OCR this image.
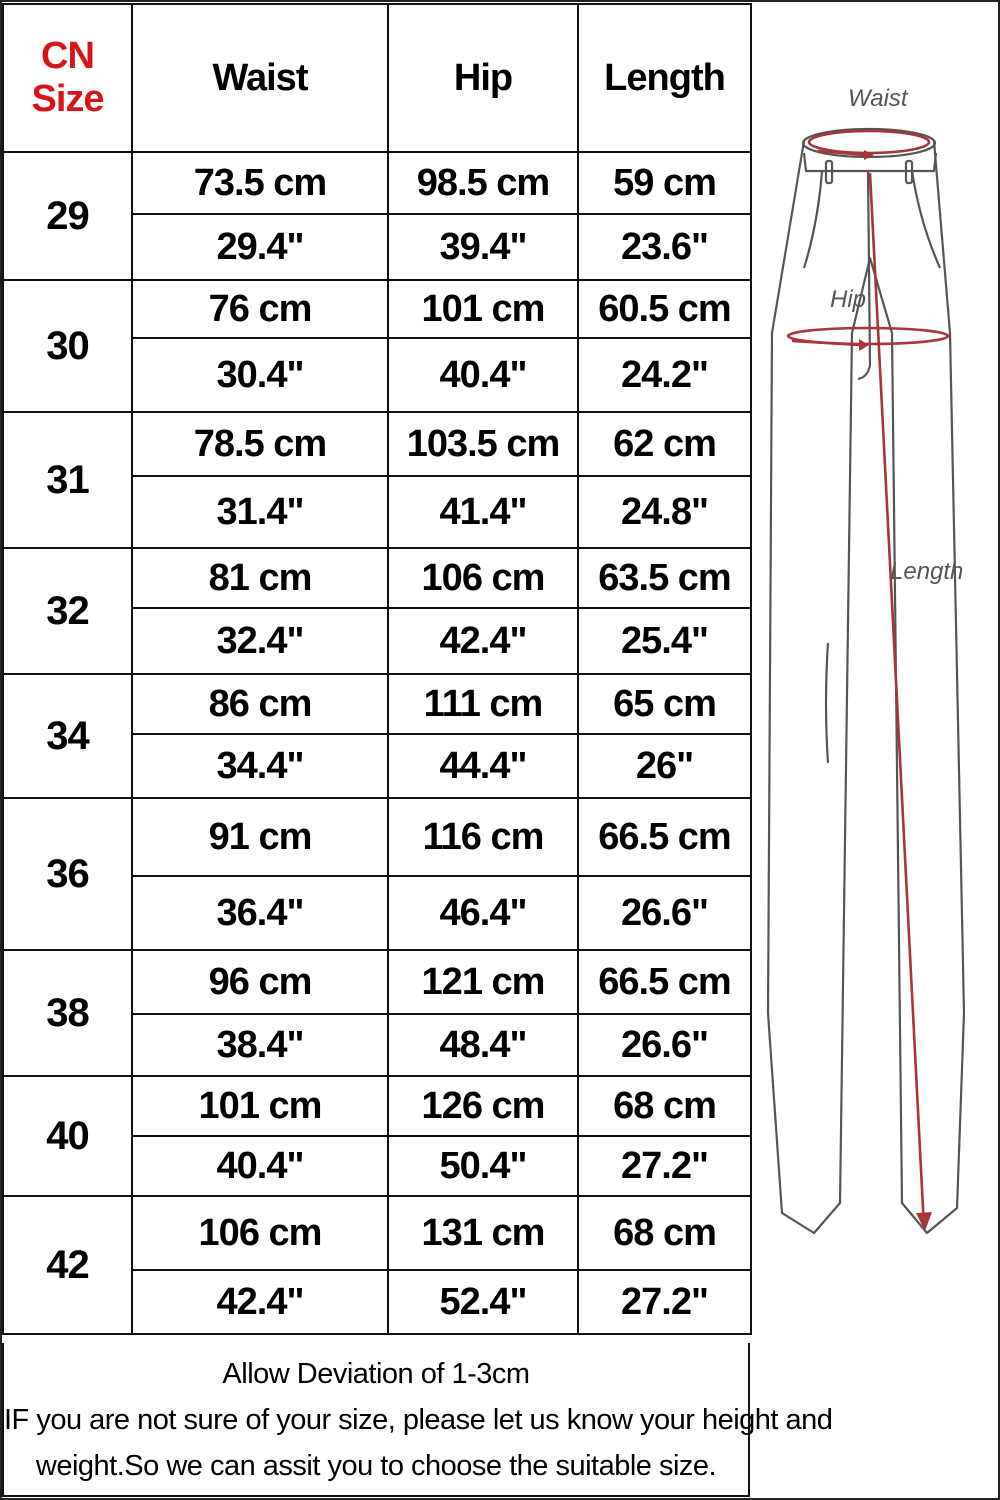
CN Size	Waist	Hip	Length
29	73.5 cm	98.5 cm	59 cm
	29.4"	39.4"	23.6"
30	76 cm	101 cm	60.5 cm
	30.4"	40.4"	24.2"
31	78.5 cm	103.5 cm	62 cm
	31.4"	41.4"	24.8"
32	81 cm	106 cm	63.5 cm
	32.4"	42.4"	25.4"
34	86 cm	111 cm	65 cm
	34.4"	44.4"	26"
36	91 cm	116 cm	66.5 cm
	36.4"	46.4"	26.6"
38	96 cm	121 cm	66.5 cm
	38.4"	48.4"	26.6"
40	101 cm	126 cm	68 cm
	40.4"	50.4"	27.2"
42	106 cm	131 cm	68 cm
	42.4"	52.4"	27.2"
Allow Deviation of 1-3cm
IF you are not sure of your size, please let us know your height and
weight.So we can assit you to choose the suitable size.
Waist
Hip
Length
